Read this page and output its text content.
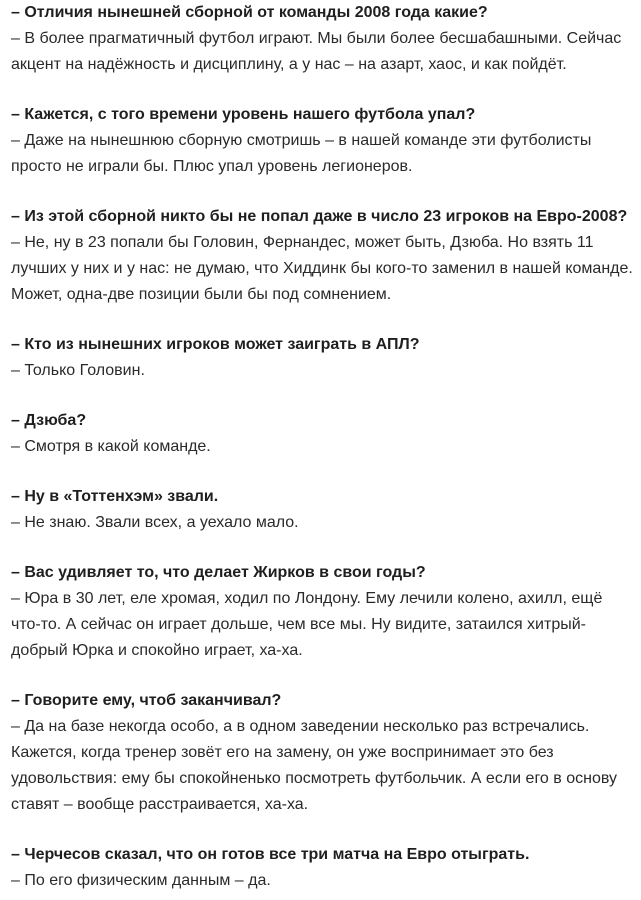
– Отличия нынешней сборной от команды 2008 года какие?

– В более прагматичный футбол играют. Мы были более бесшабашными. Сейчас акцент на надёжность и дисциплину, а у нас – на азарт, хаос, и как пойдёт.

– Кажется, с того времени уровень нашего футбола упал?

– Даже на нынешнюю сборную смотришь – в нашей команде эти футболисты просто не играли бы. Плюс упал уровень легионеров.

– Из этой сборной никто бы не попал даже в число 23 игроков на Евро-2008?

– Не, ну в 23 попали бы Головин, Фернандес, может быть, Дзюба. Но взять 11 лучших у них и у нас: не думаю, что Хиддинк бы кого-то заменил в нашей команде. Может, одна-две позиции были бы под сомнением.

– Кто из нынешних игроков может заиграть в АПЛ?

– Только Головин.

– Дзюба?

– Смотря в какой команде.

– Ну в «Тоттенхэм» звали.

– Не знаю. Звали всех, а уехало мало.

– Вас удивляет то, что делает Жирков в свои годы?

– Юра в 30 лет, еле хромая, ходил по Лондону. Ему лечили колено, ахилл, ещё что-то. А сейчас он играет дольше, чем все мы. Ну видите, затаился хитрый-добрый Юрка и спокойно играет, ха-ха.

– Говорите ему, чтоб заканчивал?

– Да на базе некогда особо, а в одном заведении несколько раз встречались. Кажется, когда тренер зовёт его на замену, он уже воспринимает это без удовольствия: ему бы спокойненько посмотреть футбольчик. А если его в основу ставят – вообще расстраивается, ха-ха.

– Черчесов сказал, что он готов все три матча на Евро отыграть.

– По его физическим данным – да.
